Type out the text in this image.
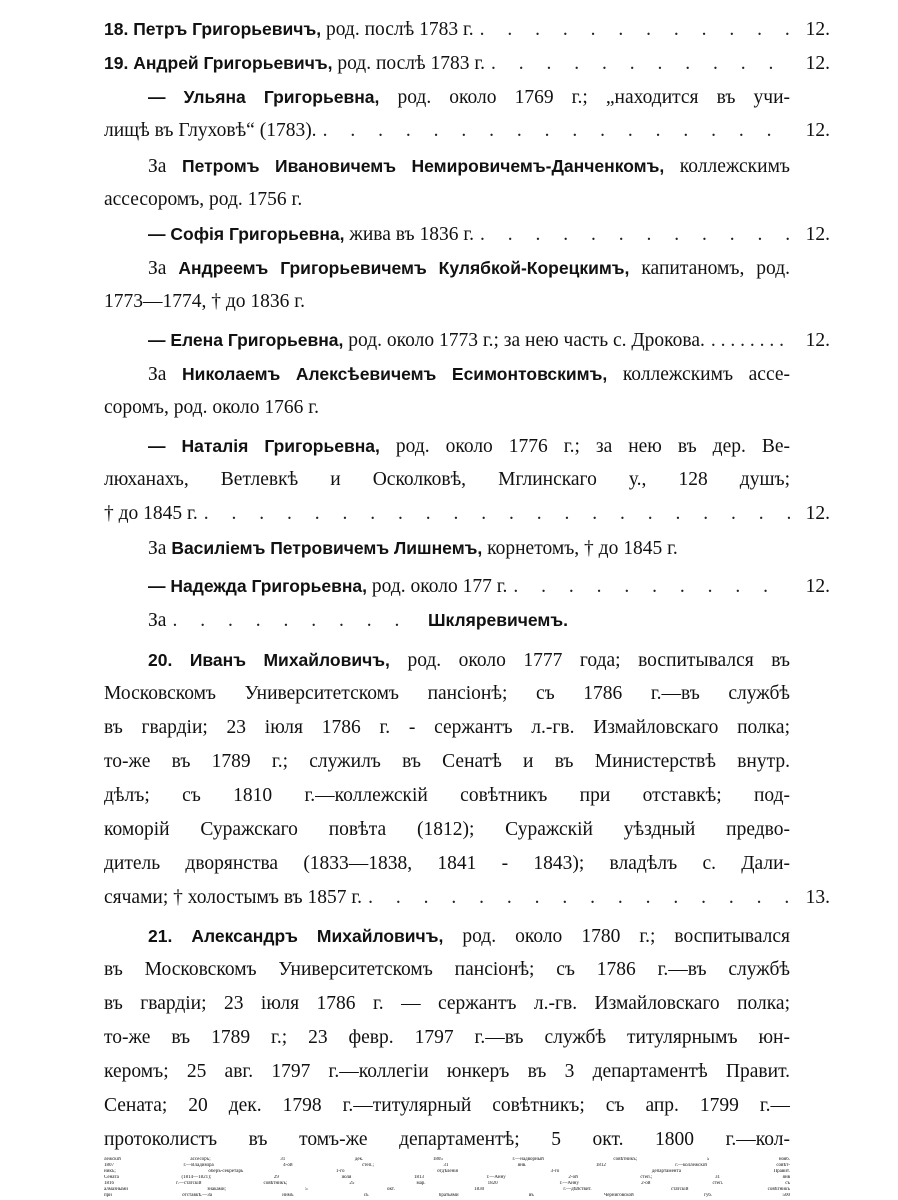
18. Петръ Григорьевичъ, род. послѣ 1783 г. . . .	12.
19. Андрей Григорьевичъ, род. послѣ 1783 г. . . .	12.
— Ульяна Григорьевна, род. около 1769 г.; „находится въ учи-
лищѣ въ Глуховѣ“ (1783). . . .	12.
За Петромъ Ивановичемъ Немировичемъ-Данченкомъ, коллежскимъ
ассесоромъ, род. 1756 г.
— Софія Григорьевна, жива въ 1836 г. . . .	12.
За Андреемъ Григорьевичемъ Кулябкой-Корецкимъ, капитаномъ, род.
1773—1774, † до 1836 г.
— Елена Григорьевна, род. около 1773 г.; за нею часть с. Дрокова. . . .	12.
За Николаемъ Алексѣевичемъ Есимонтовскимъ, коллежскимъ ассе-
соромъ, род. около 1766 г.
— Наталія Григорьевна, род. около 1776 г.; за нею въ дер. Ве-
люханахъ, Ветлевкѣ и Осколковѣ, Мглинскаго у., 128 душъ;
† до 1845 г. . . .	12.
За Василіемъ Петровичемъ Лишнемъ, корнетомъ, † до 1845 г.
— Надежда Григорьевна, род. около 177 г. . . .	12.
За . . .	Шкляревичемъ.
20. Иванъ Михайловичъ, род. около 1777 года; воспитывался въ
Московскомъ Университетскомъ пансіонѣ; съ 1786 г.—въ службѣ
въ гвардіи; 23 іюля 1786 г. - сержантъ л.-гв. Измайловскаго полка;
то-же въ 1789 г.; служилъ въ Сенатѣ и въ Министерствѣ внутр.
дѣлъ; съ 1810 г.—коллежскій совѣтникъ при отставкѣ; под-
коморій Суражскаго повѣта (1812); Суражскій уѣздный предво-
дитель дворянства (1833—1838, 1841 - 1843); владѣлъ с. Дали-
сячами; † холостымъ въ 1857 г. . . .	13.
21. Александръ Михайловичъ, род. около 1780 г.; воспитывался
въ Московскомъ Университетскомъ пансіонѣ; съ 1786 г.—въ службѣ
въ гвардіи; 23 іюля 1786 г. — сержантъ л.-гв. Измайловскаго полка;
то-же въ 1789 г.; 23 февр. 1797 г.—въ службѣ титулярнымъ юн-
керомъ; 25 авг. 1797 г.—коллегіи юнкеръ въ 3 департаментѣ Правит.
Сената; 20 дек. 1798 г.—титулярный совѣтникъ; съ апр. 1799 г.—
протоколистъ въ томъ-же департаментѣ; 5 окт. 1800 г.—кол-
лежскій ассесоръ; 31 дек. 1805 г.—надворный совѣтникъ; 5 нояб.
1807 г.—Владиміра 4-ой степ.; 31 янв. 1812 г.—коллежскій совѣт-
никъ; оберъ-секретарь 1-го отдѣленія 3-го департамента Правит.
Сената (1814—1821); 29 іюля 1813 г.—Анну 2-ой степ.; 31 янв
1816 г.—статскій совѣтникъ; 25 мар. 1820 г.—Анну 2-ой степ. съ
алмазными знаками; 5 окт. 1830 г.—дѣйствит. статскій совѣтникъ
при отставкѣ.—За нимъ съ братьями въ Черниговской губ. 500
